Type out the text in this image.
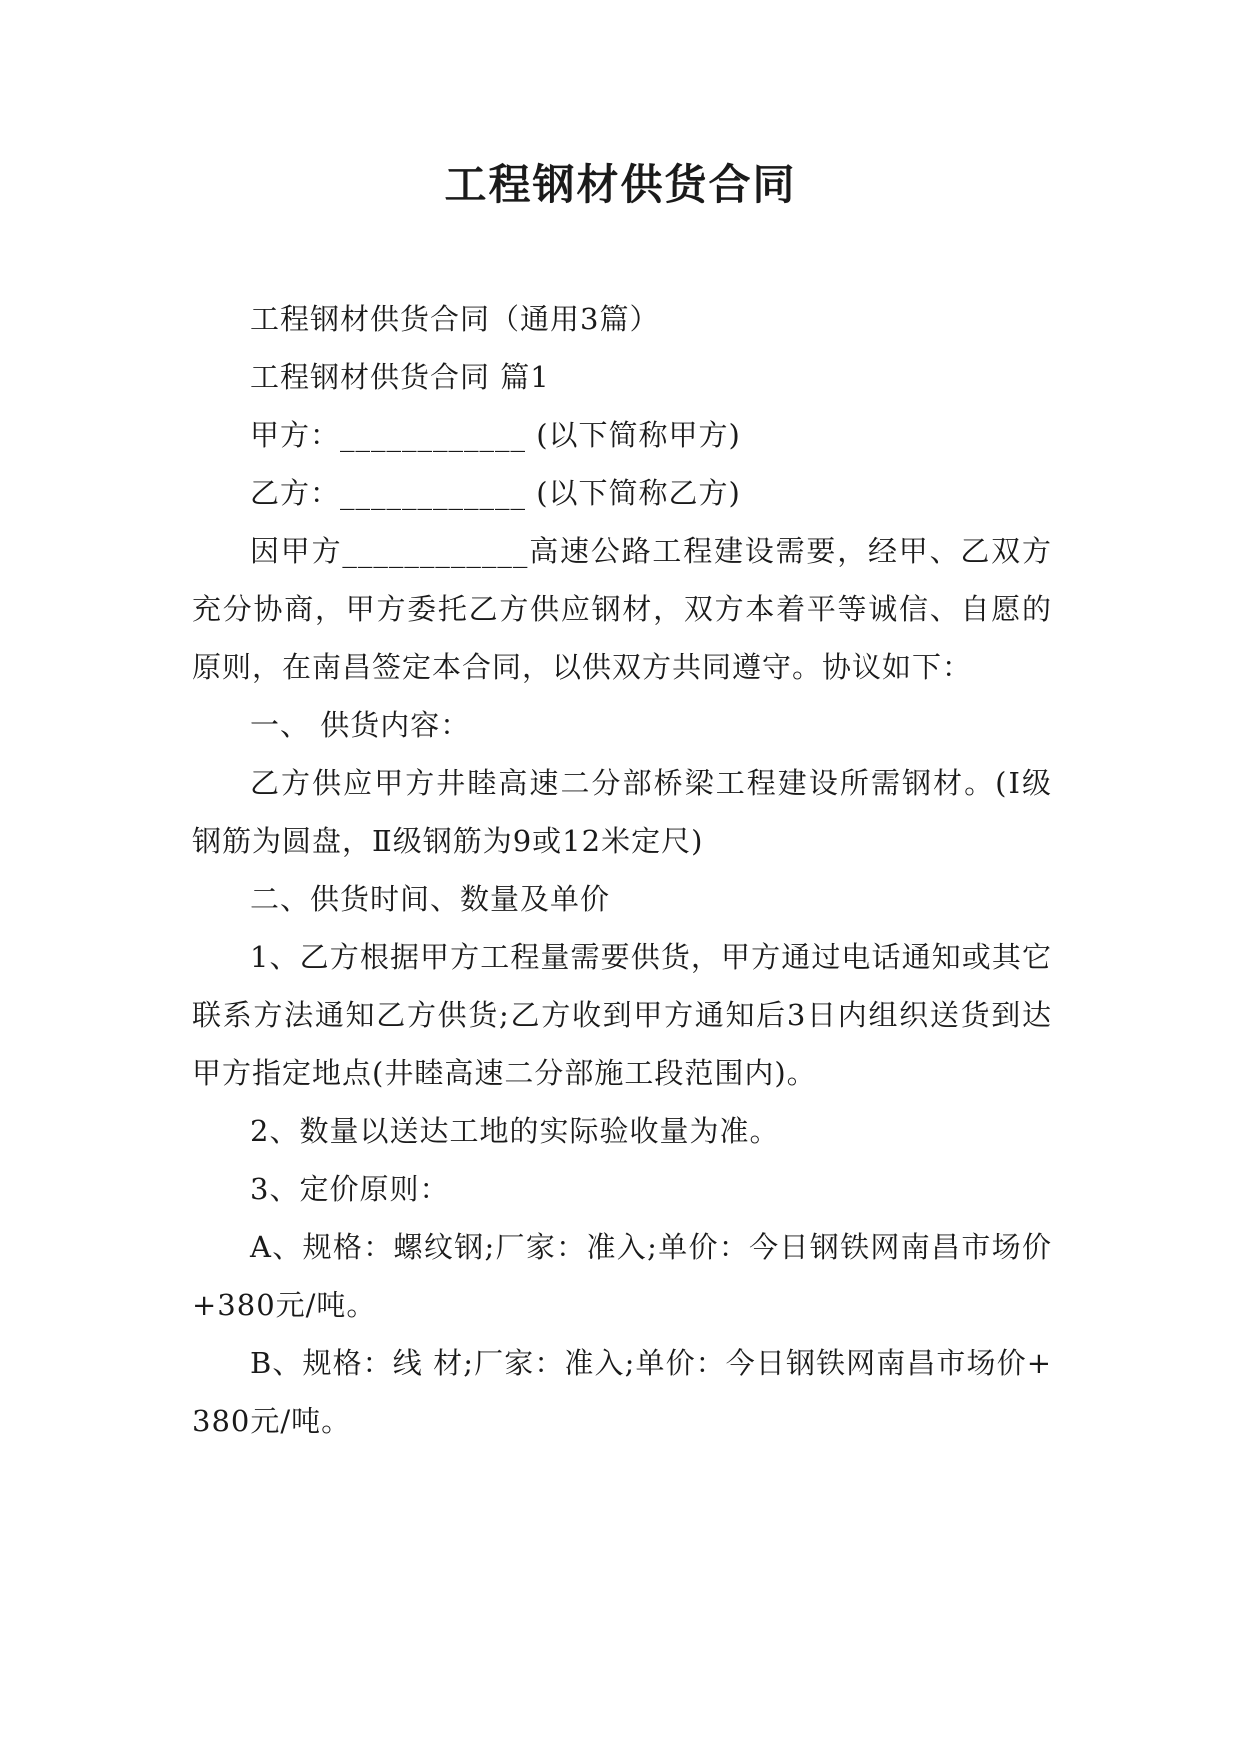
工程钢材供货合同

工程钢材供货合同（通用3篇）

工程钢材供货合同 篇1

甲方：____________ (以下简称甲方)

乙方：____________ (以下简称乙方)

因甲方____________高速公路工程建设需要，经甲、乙双方充分协商，甲方委托乙方供应钢材，双方本着平等诚信、自愿的原则，在南昌签定本合同，以供双方共同遵守。协议如下：

一、 供货内容：

乙方供应甲方井睦高速二分部桥梁工程建设所需钢材。(Ⅰ级钢筋为圆盘，Ⅱ级钢筋为9或12米定尺)

二、供货时间、数量及单价

1、乙方根据甲方工程量需要供货，甲方通过电话通知或其它联系方法通知乙方供货;乙方收到甲方通知后3日内组织送货到达甲方指定地点(井睦高速二分部施工段范围内)。

2、数量以送达工地的实际验收量为准。

3、定价原则：

A、规格：螺纹钢;厂家：准入;单价：今日钢铁网南昌市场价+380元/吨。

B、规格：线 材;厂家：准入;单价：今日钢铁网南昌市场价+380元/吨。
